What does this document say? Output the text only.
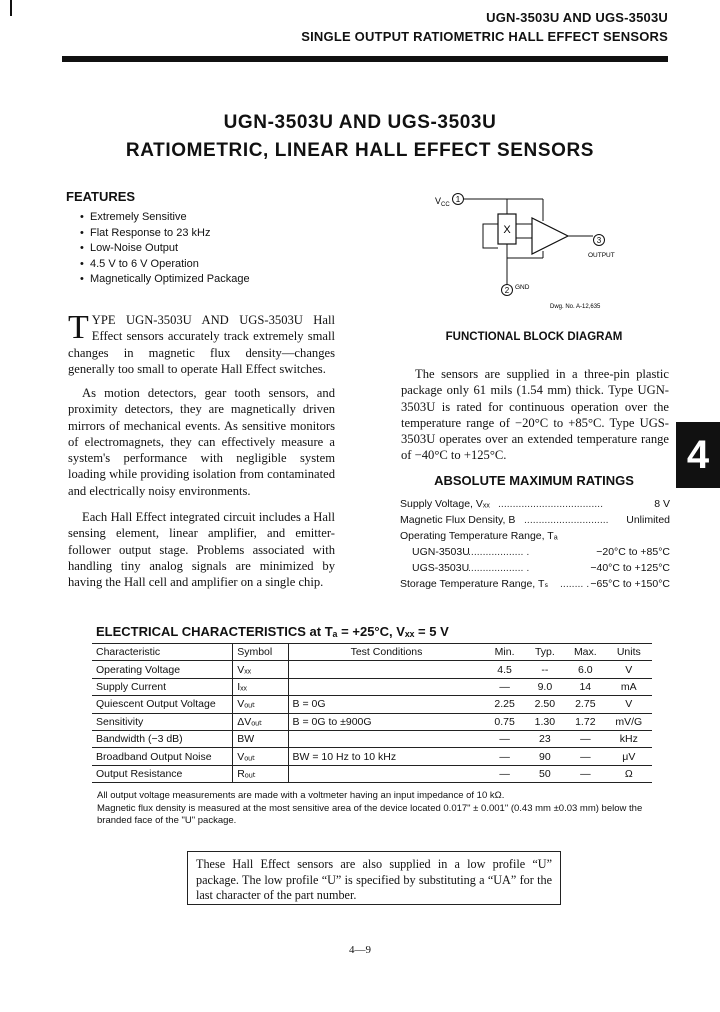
UGN-3503U AND UGS-3503U
SINGLE OUTPUT RATIOMETRIC HALL EFFECT SENSORS
UGN-3503U AND UGS-3503U
RATIOMETRIC, LINEAR HALL EFFECT SENSORS
FEATURES
• Extremely Sensitive
• Flat Response to 23 kHz
• Low-Noise Output
• 4.5 V to 6 V Operation
• Magnetically Optimized Package
TYPE UGN-3503U AND UGS-3503U Hall Effect sensors accurately track extremely small changes in magnetic flux density—changes generally too small to operate Hall Effect switches.
As motion detectors, gear tooth sensors, and proximity detectors, they are magnetically driven mirrors of mechanical events. As sensitive monitors of electromagnets, they can effectively measure a system's performance with negligible system loading while providing isolation from contaminated and electrically noisy environments.
Each Hall Effect integrated circuit includes a Hall sensing element, linear amplifier, and emitter-follower output stage. Problems associated with handling tiny analog signals are minimized by having the Hall cell and amplifier on a single chip.
$V_{CC}$
1
X
3
OUTPUT
2 GND
Dwg. No. A-12,635
FUNCTIONAL BLOCK DIAGRAM
The sensors are supplied in a three-pin plastic package only 61 mils (1.54 mm) thick. Type UGN-3503U is rated for continuous operation over the temperature range of −20°C to +85°C. Type UGS-3503U operates over an extended temperature range of −40°C to +125°C.	4
ABSOLUTE MAXIMUM RATINGS
Supply Voltage, Vₓₓ ....................................	8 V
Magnetic Flux Density, B ............................. Unlimited
Operating Temperature Range, Tₐ
UGN-3503U
................... .	−20°C to +85°C
UGS-3503U
................... .	−40°C to +125°C
Storage Temperature Range, Tₛ ........ . −65°C to +150°C
ELECTRICAL CHARACTERISTICS at Tₐ = +25°C, Vₓₓ = 5 V
Characteristic	Symbol	Test Conditions	Min.	Typ.	Max.	Units
Operating Voltage	Vₓₓ		4.5	--	6.0	V
Supply Current	Iₓₓ		—	9.0	14	mA
Quiescent Output Voltage	Vₒᵤₜ	B = 0G	2.25	2.50	2.75	V
Sensitivity	ΔVₒᵤₜ	B = 0G to ±900G	0.75	1.30	1.72	mV/G
Bandwidth (−3 dB)	BW		—	23	—	kHz
Broadband Output Noise	Vₒᵤₜ	BW = 10 Hz to 10 kHz	—	90	—	μV
Output Resistance	Rₒᵤₜ		—	50	—	Ω
All output voltage measurements are made with a voltmeter having an input impedance of 10 kΩ.
Magnetic flux density is measured at the most sensitive area of the device located 0.017" ± 0.001" (0.43 mm ±0.03 mm) below the branded face of the "U" package.
These Hall Effect sensors are also supplied in a low profile “U” package. The low profile “U” is specified by substituting a “UA” for the last character of the part number.
4—9
